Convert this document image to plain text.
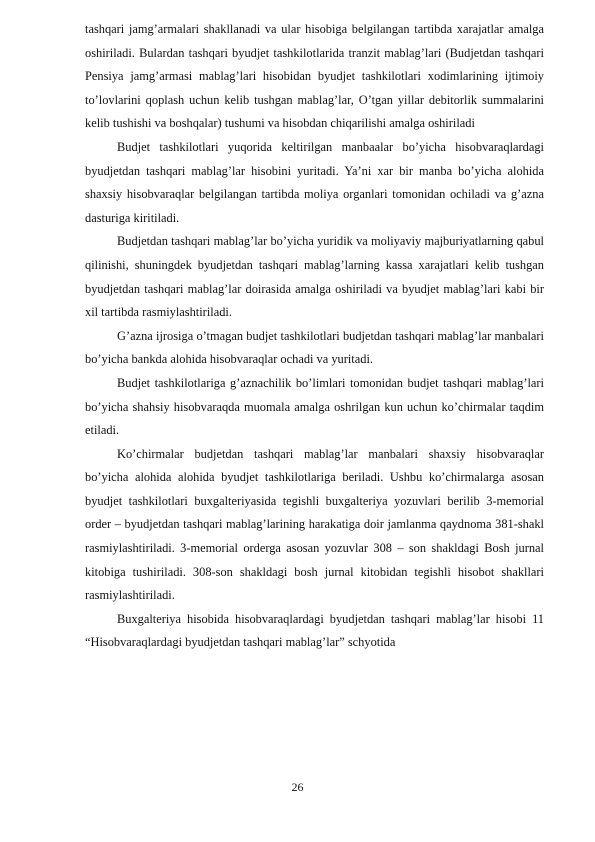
tashqari jamg’armalari shakllanadi va ular hisobiga belgilangan tartibda xarajatlar amalga oshiriladi. Bulardan tashqari byudjet tashkilotlarida tranzit mablag’lari (Budjetdan tashqari Pensiya jamg’armasi mablag’lari hisobidan byudjet tashkilotlari xodimlarining ijtimoiy to’lovlarini qoplash uchun kelib tushgan mablag’lar, O’tgan yillar debitorlik summalarini kelib tushishi va boshqalar) tushumi va hisobdan chiqarilishi amalga oshiriladi

Budjet tashkilotlari yuqorida keltirilgan manbaalar bo’yicha hisobvaraqlardagi byudjetdan tashqari mablag’lar hisobini yuritadi. Ya’ni xar bir manba bo’yicha alohida shaxsiy hisobvaraqlar belgilangan tartibda moliya organlari tomonidan ochiladi va g’azna dasturiga kiritiladi.

Budjetdan tashqari mablag’lar bo’yicha yuridik va moliyaviy majburiyatlarning qabul qilinishi, shuningdek byudjetdan tashqari mablag’larning kassa xarajatlari kelib tushgan byudjetdan tashqari mablag’lar doirasida amalga oshiriladi va byudjet mablag’lari kabi bir xil tartibda rasmiylashtiriladi.

G’azna ijrosiga o’tmagan budjet tashkilotlari budjetdan tashqari mablag’lar manbalari bo’yicha bankda alohida hisobvaraqlar ochadi va yuritadi.

Budjet tashkilotlariga g’aznachilik bo’limlari tomonidan budjet tashqari mablag’lari bo’yicha shahsiy hisobvaraqda muomala amalga oshrilgan kun uchun ko’chirmalar taqdim etiladi.

Ko’chirmalar budjetdan tashqari mablag’lar manbalari shaxsiy hisobvaraqlar bo’yicha alohida alohida byudjet tashkilotlariga beriladi. Ushbu ko’chirmalarga asosan byudjet tashkilotlari buxgalteriyasida tegishli buxgalteriya yozuvlari berilib 3-memorial order – byudjetdan tashqari mablag’larining harakatiga doir jamlanma qaydnoma 381-shakl rasmiylashtiriladi. 3-memorial orderga asosan yozuvlar 308 – son shakldagi Bosh jurnal kitobiga tushiriladi. 308-son shakldagi bosh jurnal kitobidan tegishli hisobot shakllari rasmiylashtiriladi.

Buxgalteriya hisobida hisobvaraqlardagi byudjetdan tashqari mablag’lar hisobi 11 “Hisobvaraqlardagi byudjetdan tashqari mablag’lar” schyotida

26
